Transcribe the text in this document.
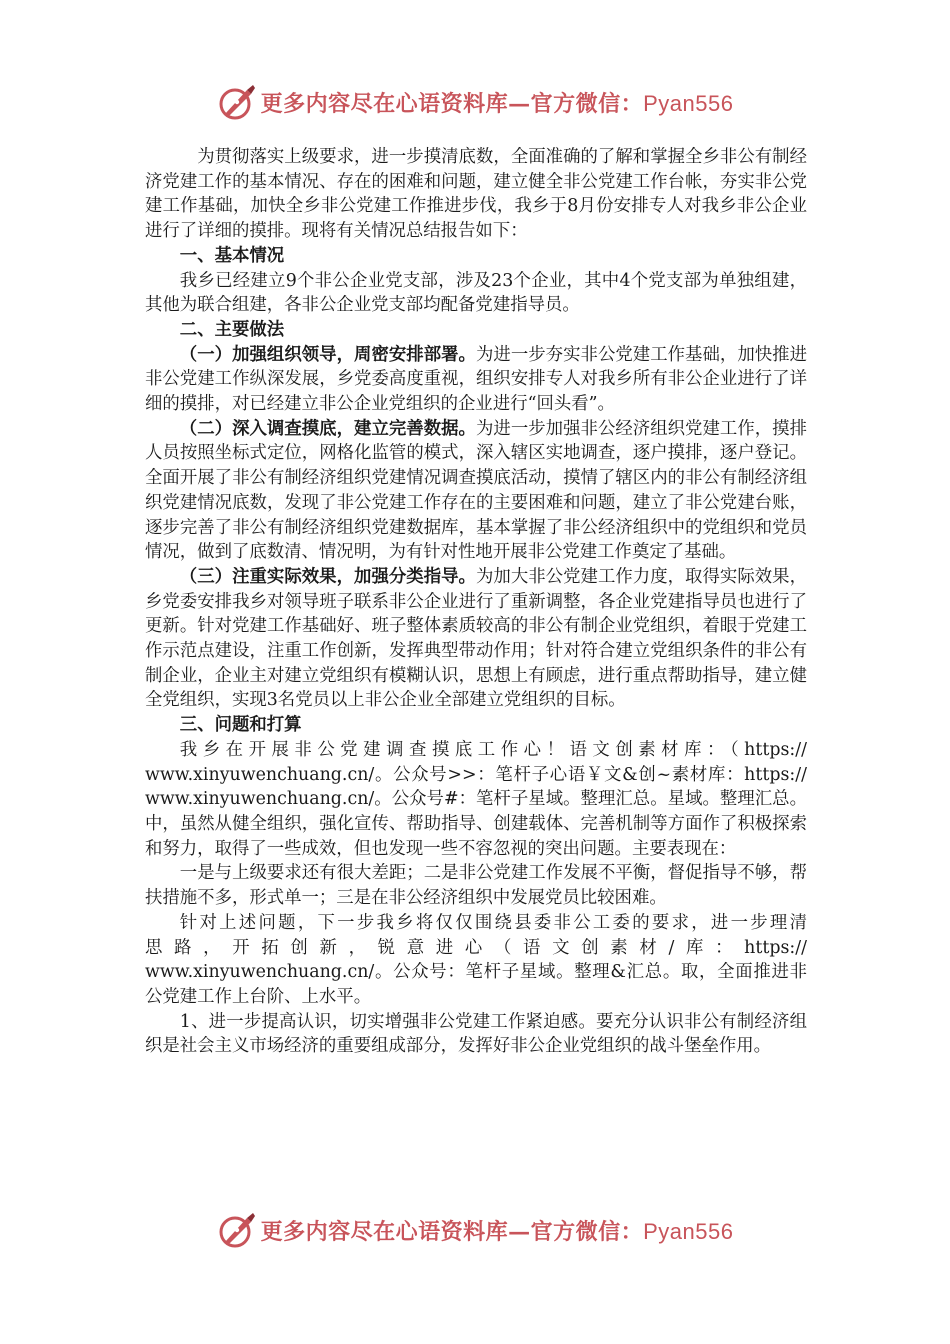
更多内容尽在心语资料库—官方微信：Pyan556

为贯彻落实上级要求，进一步摸清底数，全面准确的了解和掌握全乡非公有制经济党建工作的基本情况、存在的困难和问题，建立健全非公党建工作台帐，夯实非公党建工作基础，加快全乡非公党建工作推进步伐，我乡于8月份安排专人对我乡非公企业进行了详细的摸排。现将有关情况总结报告如下：

一、基本情况

我乡已经建立9个非公企业党支部，涉及23个企业，其中4个党支部为单独组建，其他为联合组建，各非公企业党支部均配备党建指导员。

二、主要做法

（一）加强组织领导，周密安排部署。为进一步夯实非公党建工作基础，加快推进非公党建工作纵深发展，乡党委高度重视，组织安排专人对我乡所有非公企业进行了详细的摸排，对已经建立非公企业党组织的企业进行“回头看”。

（二）深入调查摸底，建立完善数据。为进一步加强非公经济组织党建工作，摸排人员按照坐标式定位，网格化监管的模式，深入辖区实地调查，逐户摸排，逐户登记。全面开展了非公有制经济组织党建情况调查摸底活动，摸情了辖区内的非公有制经济组织党建情况底数，发现了非公党建工作存在的主要困难和问题，建立了非公党建台账，逐步完善了非公有制经济组织党建数据库，基本掌握了非公经济组织中的党组织和党员情况，做到了底数清、情况明，为有针对性地开展非公党建工作奠定了基础。

（三）注重实际效果，加强分类指导。为加大非公党建工作力度，取得实际效果，乡党委安排我乡对领导班子联系非公企业进行了重新调整，各企业党建指导员也进行了更新。针对党建工作基础好、班子整体素质较高的非公有制企业党组织，着眼于党建工作示范点建设，注重工作创新，发挥典型带动作用；针对符合建立党组织条件的非公有制企业，企业主对建立党组织有模糊认识，思想上有顾虑，进行重点帮助指导，建立健全党组织，实现3名党员以上非公企业全部建立党组织的目标。

三、问题和打算

我乡在开展非公党建调查摸底工作心！语文创素材库：（https://

www.xinyuwenchuang.cn/。公众号>>：笔杆子心语￥文&创~素材库：https://

www.xinyuwenchuang.cn/。公众号#：笔杆子星域。整理汇总。星域。整理汇总。

中，虽然从健全组织，强化宣传、帮助指导、创建载体、完善机制等方面作了积极探索和努力，取得了一些成效，但也发现一些不容忽视的突出问题。主要表现在：

一是与上级要求还有很大差距；二是非公党建工作发展不平衡，督促指导不够，帮扶措施不多，形式单一；三是在非公经济组织中发展党员比较困难。

针对上述问题，下一步我乡将仅仅围绕县委非公工委的要求，进一步理清

思路，开拓创新，锐意进心（语文创素材/库：https://

www.xinyuwenchuang.cn/。公众号：笔杆子星域。整理&汇总。取，全面推进非公党建工作上台阶、上水平。

1、进一步提高认识，切实增强非公党建工作紧迫感。要充分认识非公有制经济组织是社会主义市场经济的重要组成部分，发挥好非公企业党组织的战斗堡垒作用。

更多内容尽在心语资料库—官方微信：Pyan556
